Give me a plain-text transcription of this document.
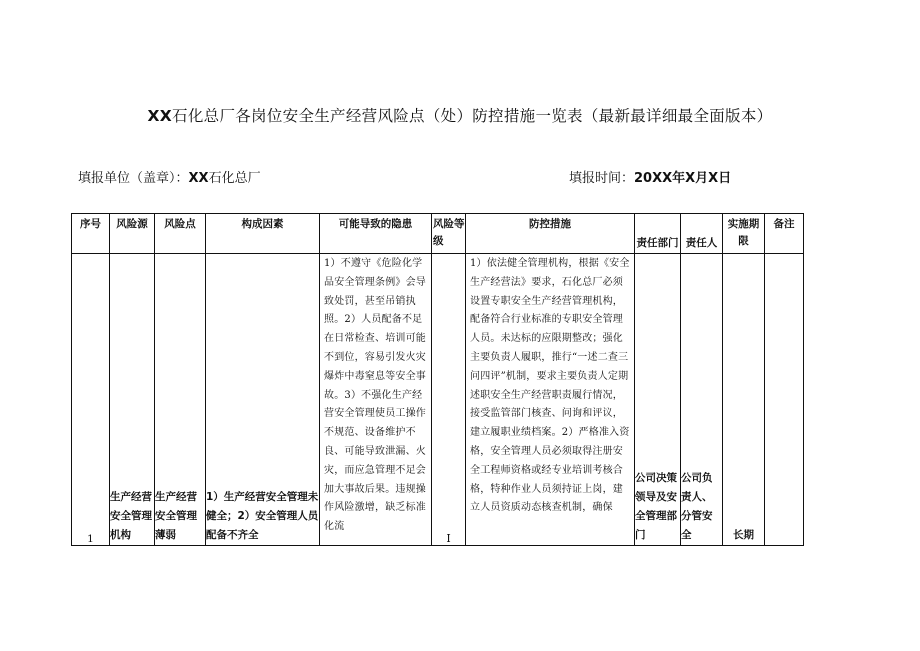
XX石化总厂各岗位安全生产经营风险点（处）防控措施一览表（最新最详细最全面版本）
填报单位（盖章）：XX石化总厂	填报时间：20XX年X月X日
序号	风险源	风险点	构成因素	可能导致的隐患	风险等级	防控措施	责任部门	责任人	实施期限	备注
1	生产经营安全管理机构	生产经营安全管理薄弱	1）生产经营安全管理未健全；2）安全管理人员配备不齐全	1）不遵守《危险化学品安全管理条例》会导致处罚，甚至吊销执照。2）人员配备不足在日常检查、培训可能不到位，容易引发火灾爆炸中毒窒息等安全事故。3）不强化生产经营安全管理使员工操作不规范、设备维护不良、可能导致泄漏、火灾，而应急管理不足会加大事故后果。违规操作风险激增，缺乏标准化流	I	1）依法健全管理机构，根据《安全生产经营法》要求，石化总厂必须设置专职安全生产经营管理机构，配备符合行业标准的专职安全管理人员。未达标的应限期整改；强化主要负责人履职，推行“一述二查三问四评”机制，要求主要负责人定期述职安全生产经营职责履行情况，接受监管部门核查、问询和评议，建立履职业绩档案。2）严格准入资格，安全管理人员必须取得注册安全工程师资格或经专业培训考核合格，特种作业人员须持证上岗，建立人员资质动态核查机制，确保	公司决策领导及安全管理部门	公司负责人、分管安全	长期	
